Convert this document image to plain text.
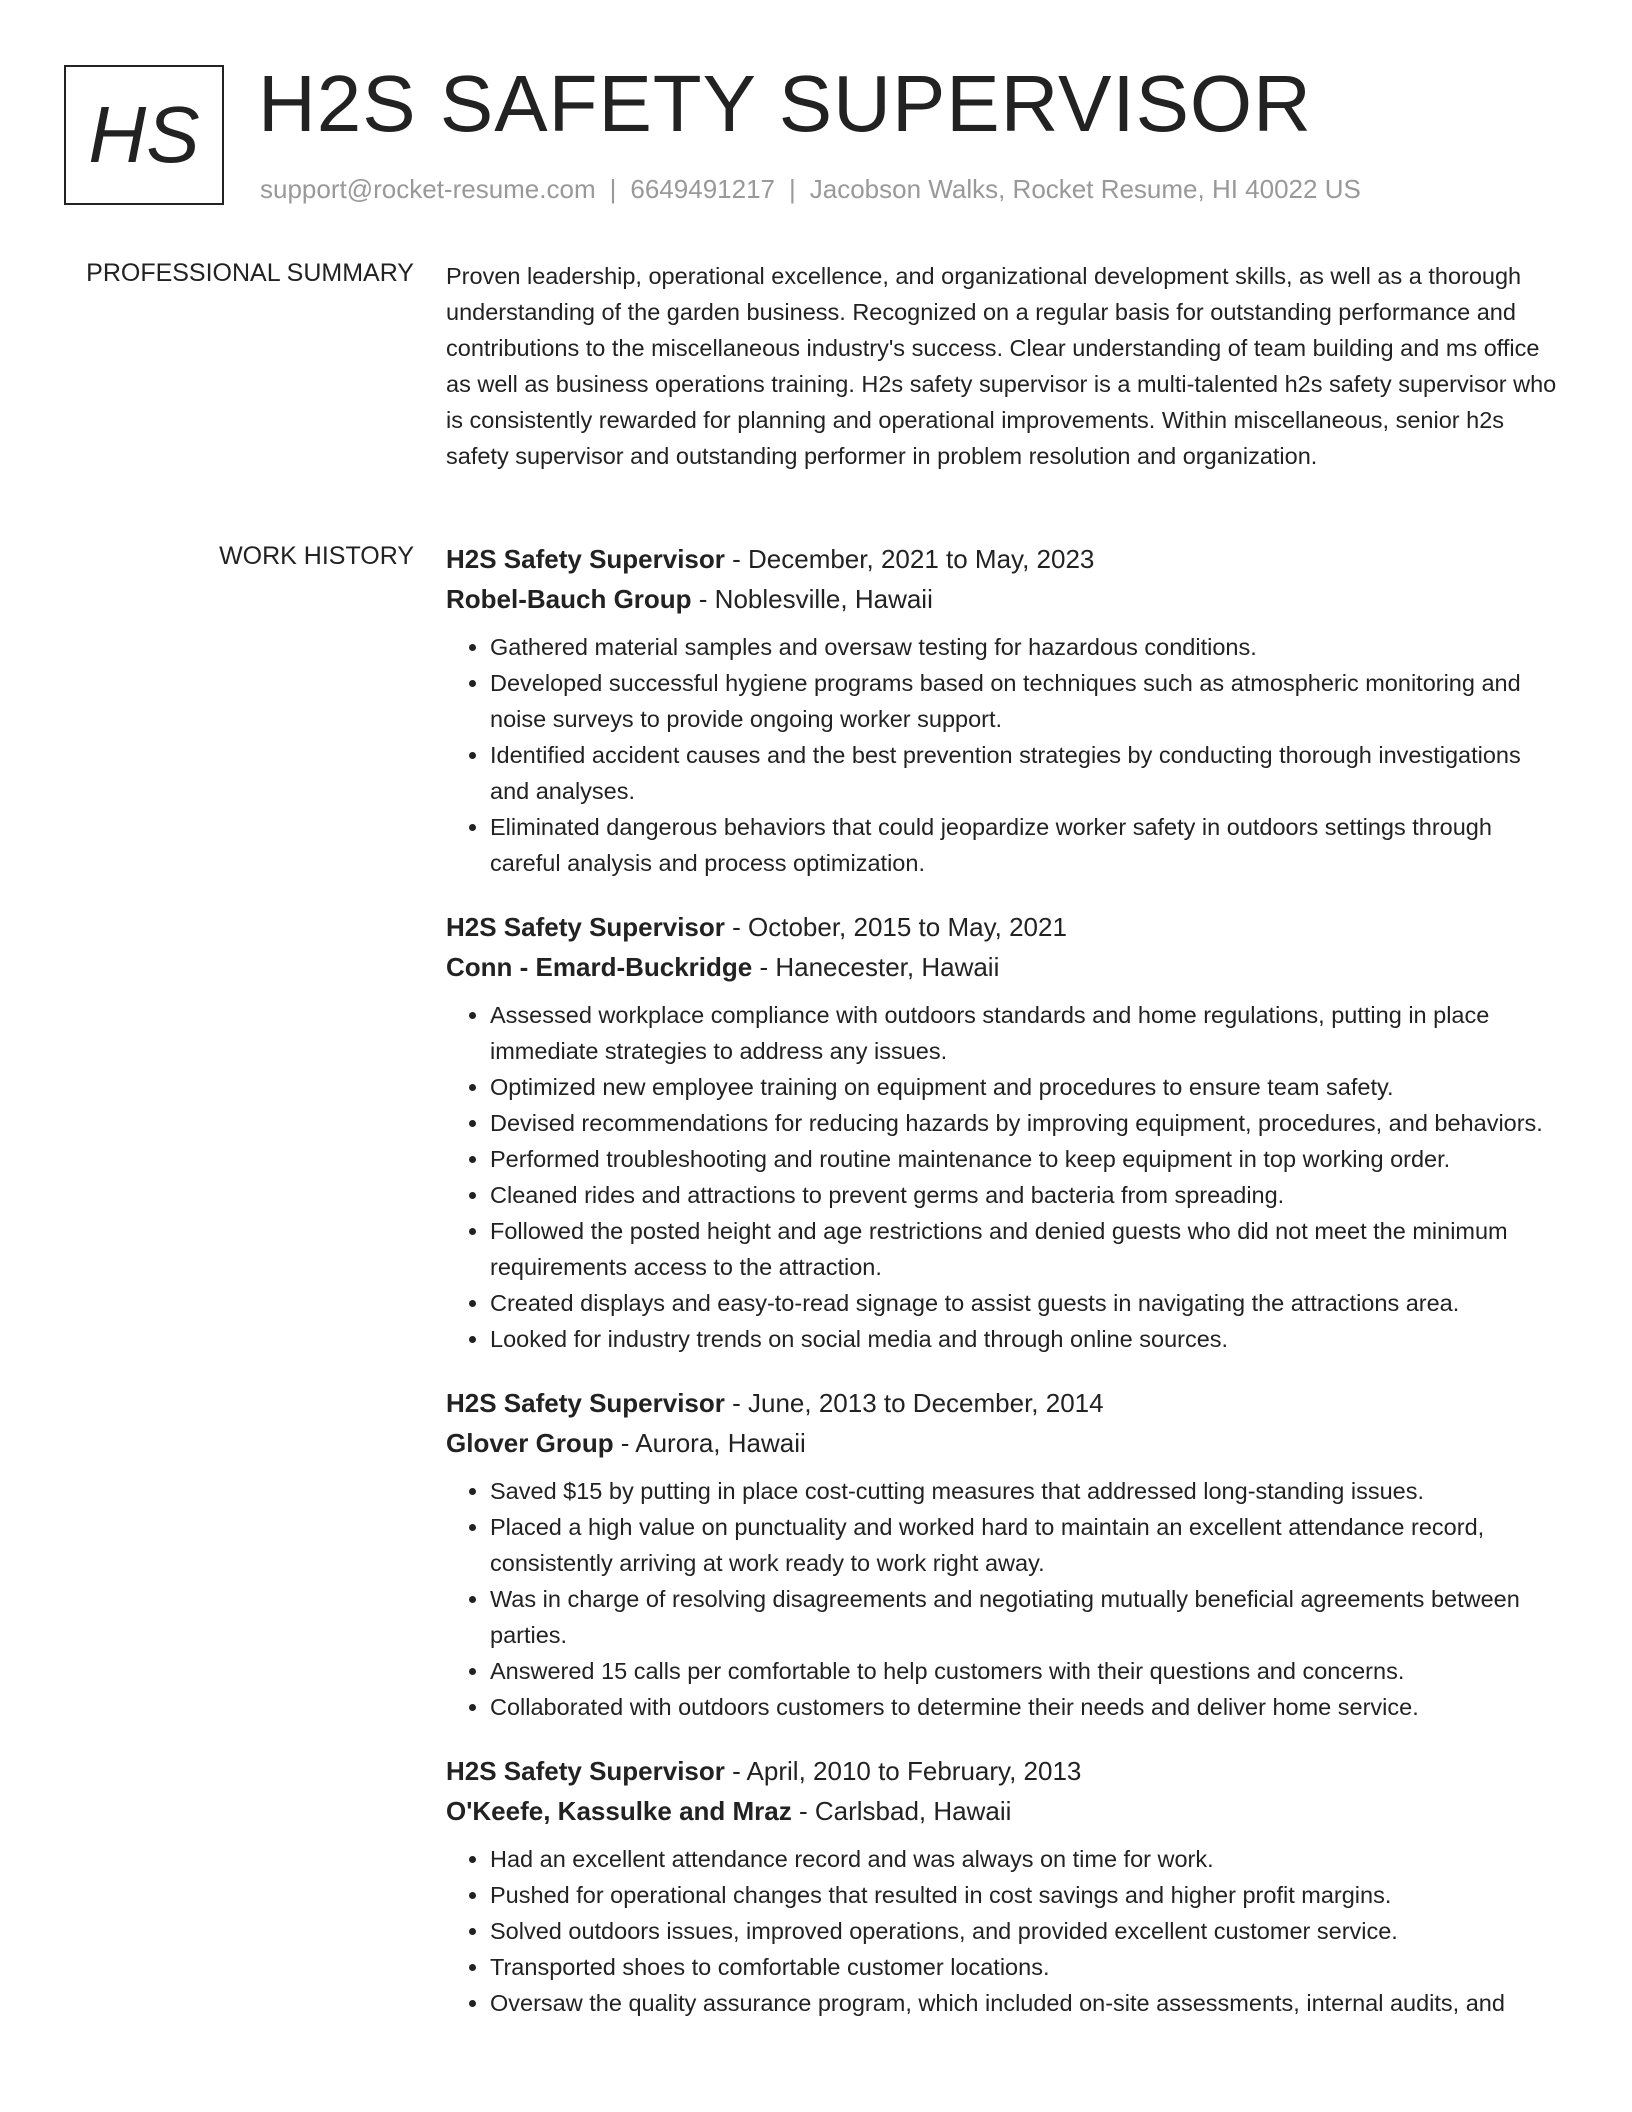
HS H2S SAFETY SUPERVISOR
support@rocket-resume.com | 6649491217 | Jacobson Walks, Rocket Resume, HI 40022 US
PROFESSIONAL SUMMARY Proven leadership, operational excellence, and organizational development skills, as well as a thorough understanding of the garden business. Recognized on a regular basis for outstanding performance and contributions to the miscellaneous industry's success. Clear understanding of team building and ms office as well as business operations training. H2s safety supervisor is a multi-talented h2s safety supervisor who is consistently rewarded for planning and operational improvements. Within miscellaneous, senior h2s safety supervisor and outstanding performer in problem resolution and organization.

WORK HISTORY H2S Safety Supervisor - December, 2021 to May, 2023
Robel-Bauch Group - Noblesville, Hawaii
• Gathered material samples and oversaw testing for hazardous conditions.
• Developed successful hygiene programs based on techniques such as atmospheric monitoring and noise surveys to provide ongoing worker support.
• Identified accident causes and the best prevention strategies by conducting thorough investigations and analyses.
• Eliminated dangerous behaviors that could jeopardize worker safety in outdoors settings through careful analysis and process optimization.
H2S Safety Supervisor - October, 2015 to May, 2021
Conn - Emard-Buckridge - Hanecester, Hawaii
• Assessed workplace compliance with outdoors standards and home regulations, putting in place immediate strategies to address any issues.
• Optimized new employee training on equipment and procedures to ensure team safety.
• Devised recommendations for reducing hazards by improving equipment, procedures, and behaviors.
• Performed troubleshooting and routine maintenance to keep equipment in top working order.
• Cleaned rides and attractions to prevent germs and bacteria from spreading.
• Followed the posted height and age restrictions and denied guests who did not meet the minimum requirements access to the attraction.
• Created displays and easy-to-read signage to assist guests in navigating the attractions area.
• Looked for industry trends on social media and through online sources.
H2S Safety Supervisor - June, 2013 to December, 2014
Glover Group - Aurora, Hawaii
• Saved $15 by putting in place cost-cutting measures that addressed long-standing issues.
• Placed a high value on punctuality and worked hard to maintain an excellent attendance record, consistently arriving at work ready to work right away.
• Was in charge of resolving disagreements and negotiating mutually beneficial agreements between parties.
• Answered 15 calls per comfortable to help customers with their questions and concerns.
• Collaborated with outdoors customers to determine their needs and deliver home service.
H2S Safety Supervisor - April, 2010 to February, 2013
O'Keefe, Kassulke and Mraz - Carlsbad, Hawaii
• Had an excellent attendance record and was always on time for work.
• Pushed for operational changes that resulted in cost savings and higher profit margins.
• Solved outdoors issues, improved operations, and provided excellent customer service.
• Transported shoes to comfortable customer locations.
• Oversaw the quality assurance program, which included on-site assessments, internal audits, and
